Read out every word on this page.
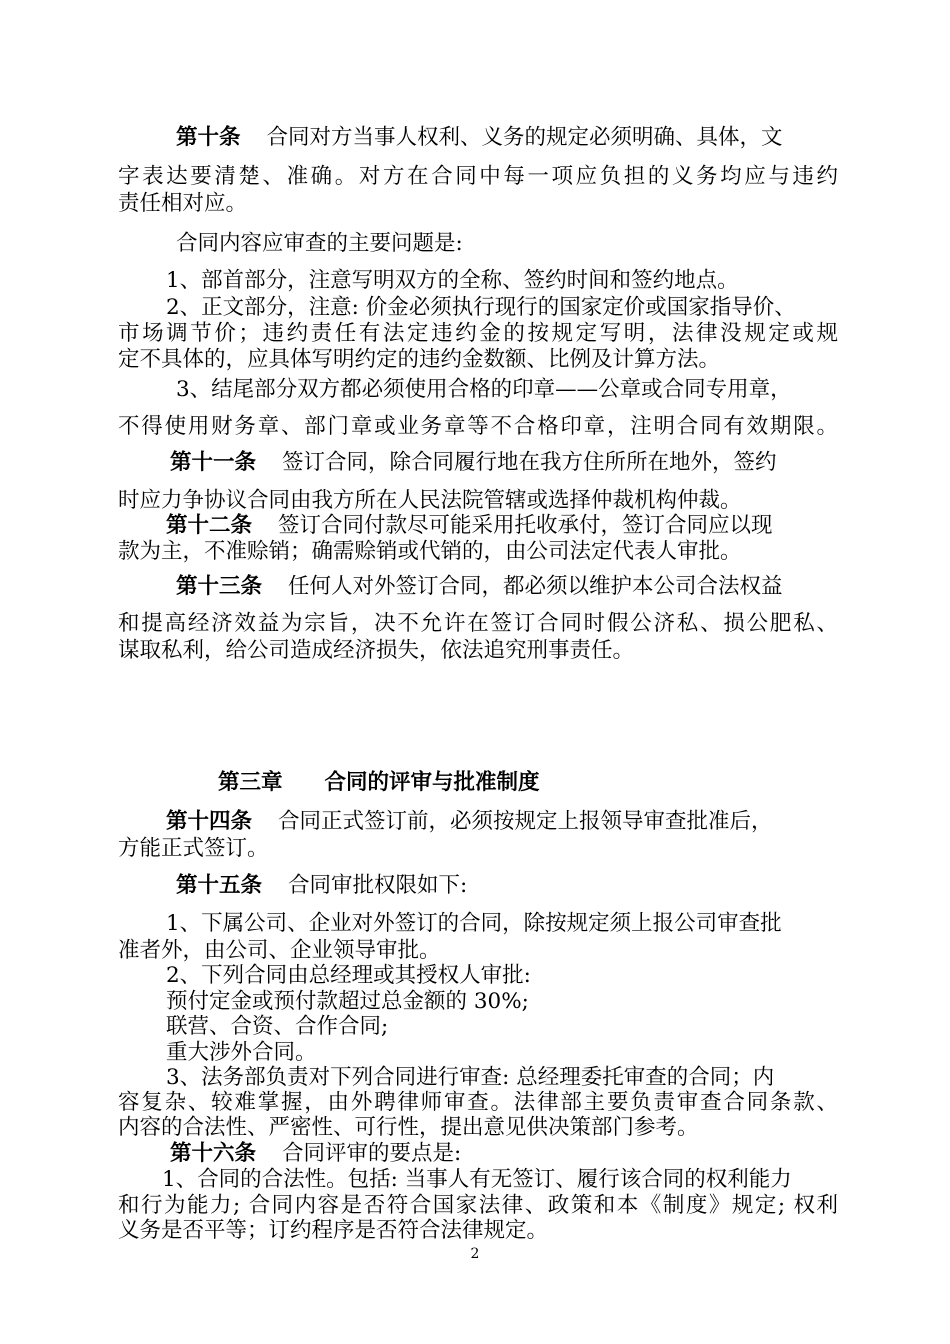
第十条 合同对方当事人权利、义务的规定必须明确、具体，文
字表达要清楚、准确。对方在合同中每一项应负担的义务均应与违约
责任相对应。
合同内容应审查的主要问题是:
1、部首部分，注意写明双方的全称、签约时间和签约地点。
2、正文部分，注意: 价金必须执行现行的国家定价或国家指导价、
市场调节价；违约责任有法定违约金的按规定写明，法律没规定或规
定不具体的，应具体写明约定的违约金数额、比例及计算方法。
3、结尾部分双方都必须使用合格的印章——公章或合同专用章，
不得使用财务章、部门章或业务章等不合格印章，注明合同有效期限。
第十一条 签订合同，除合同履行地在我方住所所在地外，签约
时应力争协议合同由我方所在人民法院管辖或选择仲裁机构仲裁。
第十二条 签订合同付款尽可能采用托收承付，签订合同应以现
款为主，不准赊销；确需赊销或代销的，由公司法定代表人审批。
第十三条 任何人对外签订合同，都必须以维护本公司合法权益
和提高经济效益为宗旨，决不允许在签订合同时假公济私、损公肥私、
谋取私利，给公司造成经济损失，依法追究刑事责任。
第三章 合同的评审与批准制度
第十四条 合同正式签订前，必须按规定上报领导审查批准后，
方能正式签订。
第十五条 合同审批权限如下:
1、下属公司、企业对外签订的合同，除按规定须上报公司审查批
准者外，由公司、企业领导审批。
2、下列合同由总经理或其授权人审批:
预付定金或预付款超过总金额的 30%;
联营、合资、合作合同;
重大涉外合同。
3、法务部负责对下列合同进行审查: 总经理委托审查的合同；内
容复杂、较难掌握，由外聘律师审查。法律部主要负责审查合同条款、
内容的合法性、严密性、可行性，提出意见供决策部门参考。
第十六条 合同评审的要点是:
1、合同的合法性。包括: 当事人有无签订、履行该合同的权利能力
和行为能力; 合同内容是否符合国家法律、政策和本《制度》规定; 权利
义务是否平等；订约程序是否符合法律规定。
2
